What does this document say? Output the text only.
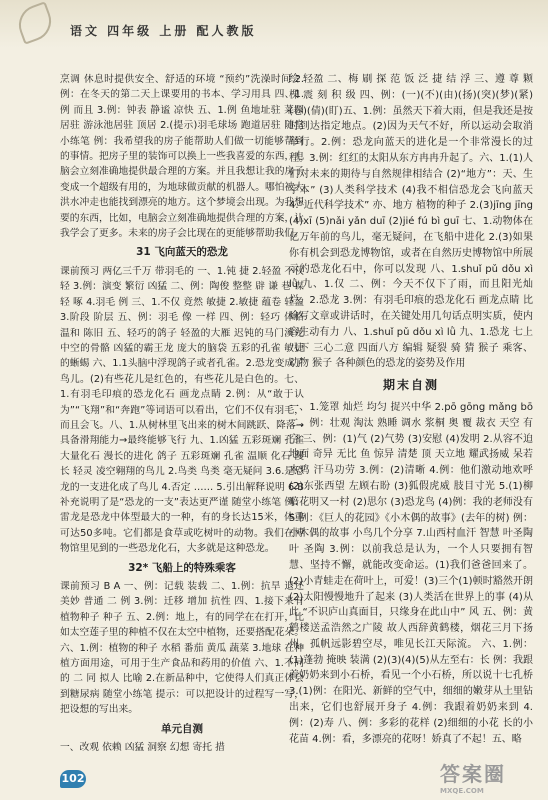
语文 四年级 上册 配人教版

烹调 休息时提供安全、舒适的环境 “预约”洗澡时间 2.例：在冬天的第二天上课要用的书本、学习用具 四、1.例 而且 3.例：钟表 静谧 凉快 五、1.例 鱼地址驻 莱园居驻 游泳池居驻 顶居 2.(提示)羽毛球场 跑道居驻 随堂小练笔 例：我希望我的房子能帮助人们做一切能够帮到的事情。把房子里的装饰可以换上一些我喜爱的东西，电脑会立刻准确地提供最合理的方案。并且我想让我的房子变成一个超级有用的，为地球做贡献的机器人。哪怕被大洪水冲走也能找到漂亮的地方。这个梦境会出现。为我想要的东西，比如，电脑会立刻准确地提供合理的方案，让我学会了更多。未来的房子会比现在的更能够帮助我们。

31 飞向蓝天的恐龙

课前预习 两亿三千万 带羽毛的 一、1.钝 捷 2.轻盈 不仅 轻 3.例：演变 繁衍 凶猛 二、例：陶俊 整整 辟 谦 巷 谋 轻 啄 4.羽毛 例 三、1.不仅 竟然 敏捷 2.敏捷 蕴卷 轻盈 3.阶段 阶层 五、例：羽毛 像 一样 四、例：轻巧 体格 温和 陈旧 五、轻巧的鸽子 轻盈的大雁 迟钝的马门溪龙 中空的骨骼 凶猛的霸王龙 庞大的脑袋 五彩的孔雀 敏捷的蜥蜴 六、1.1头脑中浮现鸽子或者孔雀。2.恐龙变成了鸟儿。(2)有些花儿是红色的，有些花儿是白色的。七、1.有羽毛印痕的恐龙化石 画龙点睛 2.例：从“敢于认为”“飞翔”和“奔跑”等词语可以看出，它们不仅有羽毛，而且会飞。八、1.从树林里飞出来的树木间跳跃、降落→具备滑翔能力→最终能够飞行 九、1.凶猛 五彩斑斓 孔雀 大量化石 漫长的进化 鸽子 五彩斑斓 孔雀 温顺 化石 漫长 轻灵 凌空翱翔的鸟儿 2.鸟类 鸟类 毫无疑问 3.6.是恐龙的一支进化成了鸟儿 4.否定 …… 5.引出解释说明 6.B 补充说明了是“恐龙的一支”表达更严谨 随堂小练笔 例：雷龙是恐龙中体型最大的一种，有的身长达15米，体重可达50多吨。它们都是食草或吃树叶的动物。我们在博物馆里见到的一些恐龙化石，大多就是这种恐龙。

32* 飞船上的特殊乘客

课前预习 B A 一、例：记载 装载 二、1.例：抗旱 退还 美妙 普通 二 例 3.例：迁移 增加 抗性 四、1.接下来有植物种子 种子 五、2.例：地上，有的同学在在打开，比如太空莲子里的种植不仅在太空中植物，还要搭配花朵。六、1.例：植物的种子 水稻 番茄 黄瓜 蔬菜 3.地球 在种植方面用途，可用于生产食品和药用的价值 六、1.不同的 二 同 拟人 比喻 2.在新品种中，它使得人们真正体会到糖尿病 随堂小练笔 提示：可以把设计的过程写一写，把设想的写出来。

单元自测

一、改观 依赖 凶猛 洞察 幻想 寄托 措

绘 轻盈 二、梅 刷 探 范 饭 泛 捷 结 浮 三、遵 尊 颗 棵 震 刻 积 级 四、例：(一)(不)(由)(扬)(突)(梦)(紧)(卷)(倩)(盯)五、1.例：虽然天下着大雨，但是我还是按时到达指定地点。(2)因为天气不好，所以运动会取消举行。2.例：恐龙向蓝天的进化是一个非常漫长的过程。3.例：红红的太阳从东方冉冉升起了。六、1.(1)人们对未来的期待与自然规律相结合 (2)“地方”：天、生字本” (3)人类科学技术 (4)我不相信恐龙会飞向蓝天 4.“近代科学技术” 亦、地方 植物的种子 2.(3)jīng jīng (4)xī (5)nǎi yǎn duī (2)jié fú bì guī 七、1.动物体在亿万年前的鸟儿，毫无疑问，在飞船中进化 2.(3)如果你有机会到恐龙博物馆，或者在自然历史博物馆中所展示的恐龙化石中，你可以发现 八、1.shuǐ pǔ dǒu xì lǜ 九、1.仅 二、例：今天不仅下了雨，而且阳光灿烂。2.恐龙 3.例：有羽毛印痕的恐龙化石 画龙点睛 比喻写文章或讲话时，在关键处用几句话点明实质，使内容生动有力 八、1.shuǐ pǔ dǒu xì lǜ 九、1.恐龙 七上八下 三心二意 四面八方 编辑 疑裂 骑 猜 猴子 乘客、动物 猴子 各种颜色的恐龙的姿势及作用

期末自测

一、1.笼罩 灿烂 均匀 捉兴中华 2.pō gōng mǎng bō 二、例：壮观 淘汰 熟睡 调水 浆桐 奥 覆 裁衣 天空 有空 三、例：(1)气 (2)气势 (3)安慰 (4)发明 2.从容不迫 地面 奇异 无比 鱼 惊异 清楚 顶 天立地 耀武扬威 呆若木鸡 汗马功劳 3.例：(2)清晰 4.例：他们激动地欢呼 (2)东张西望 左顾右盼 (3)狐假虎威 肢目寸光 5.(1)柳暗花明又一村 (2)思尔 (3)恐龙鸟 (4)例：我的老师没有 5.例：《巨人的花园》《小木偶的故事》(去年的树) 例：小木偶的故事 小鸟几个分享 7.山西村血汗 智慧 叶圣陶 叶 圣陶 3.例：以前我总是认为，一个人只要拥有智慧、坚持不懈，就能改变命运。(1)我们爸爸回来了。(2)小青蛙走在荷叶上，可爱！(3)三个(1)顿时豁然开朗 (2)太阳慢慢地升了起来 (3)人类活在世界上的事 (4)从此 “不识庐山真面目，只缘身在此山中” 风 五、例：黄鹤楼送孟浩然之广陵 故人西辞黄鹤楼，烟花三月下扬州。孤帆远影碧空尽，唯见长江天际流。 六、1.例：(1)蓬勃 掩映 装满 (2)(3)(4)(5)从左至右：长 例：我跟着奶奶来到小石桥，看见一个小石桥，所以说十七孔桥 3.(1)例：在阳光、新鲜的空气中，细细的嫩芽从土里钻出来，它们也舒展开身子 4.例：我跟着奶奶来到 4.例：(2)寿 八、例：多彩的花样 (2)细细的小花 长的小花苗 4.例：看，多漂亮的花呀！娇真了不起！五、略

102	答案圈
MXQE.COM
